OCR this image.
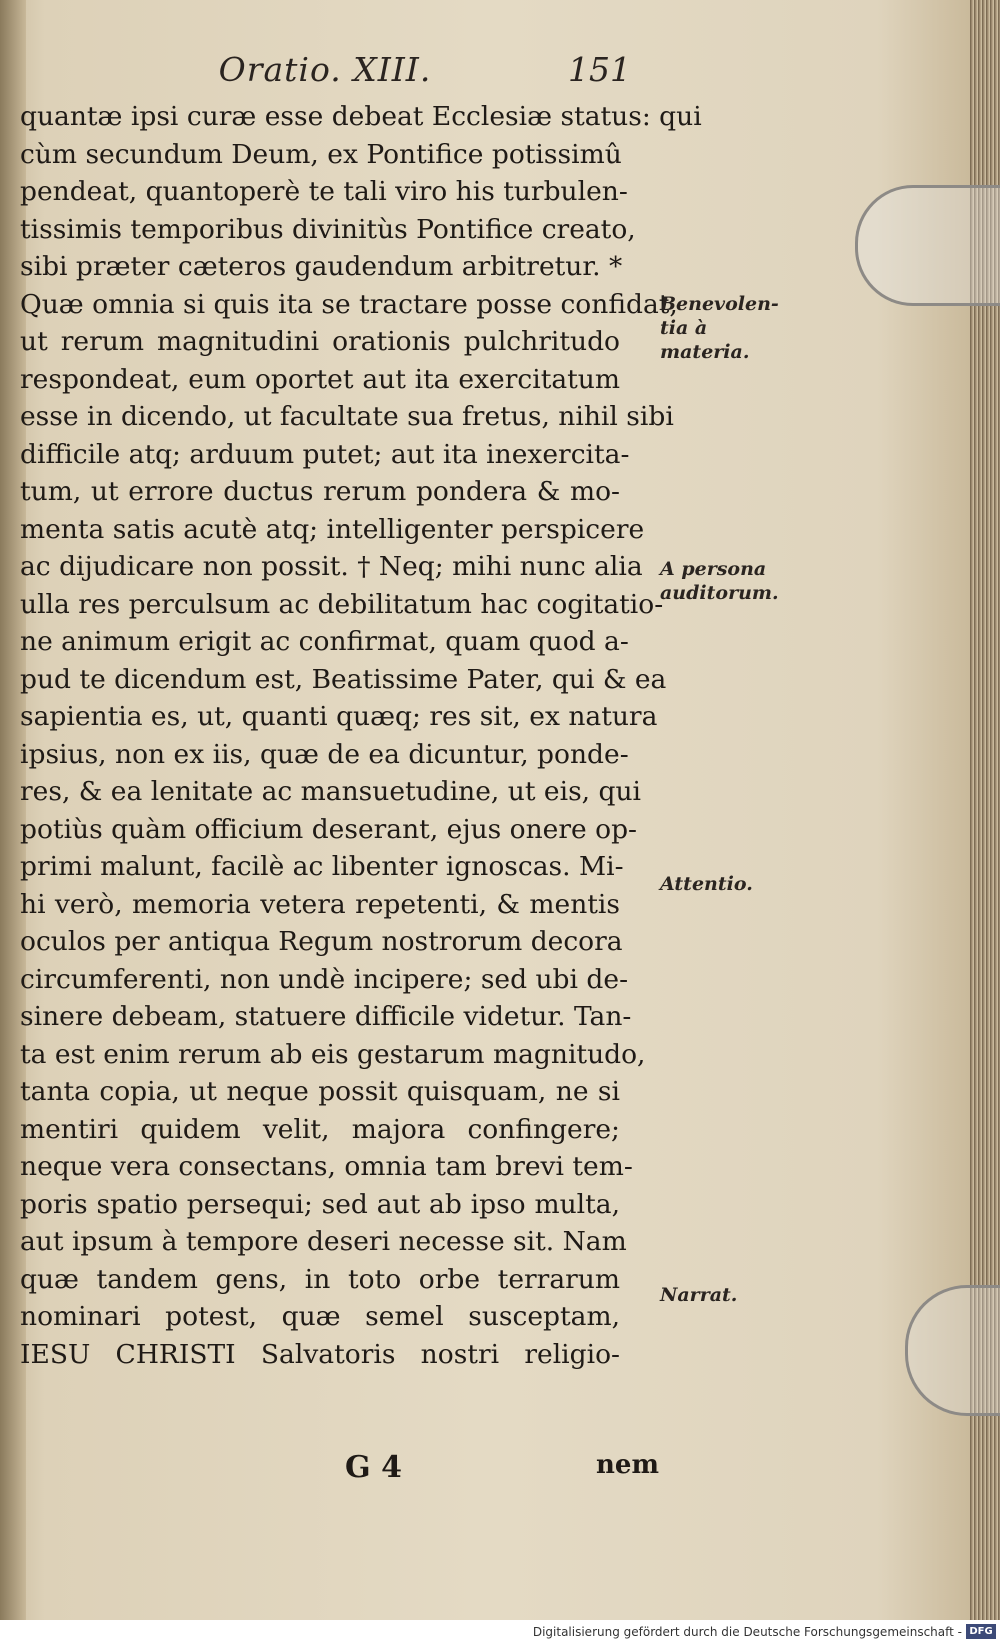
Oratio. XIII.	151
quantæ ipsi curæ esse debeat Ecclesiæ status: qui
cùm secundum Deum, ex Pontifice potissimû
pendeat, quantoperè te tali viro his turbulen-
tissimis temporibus divinitùs Pontifice creato,
sibi præter cæteros gaudendum arbitretur. *
Quæ omnia si quis ita se tractare posse confidat,
ut rerum magnitudini orationis pulchritudo
respondeat, eum oportet aut ita exercitatum
esse in dicendo, ut facultate sua fretus, nihil sibi
difficile atq; arduum putet; aut ita inexercita-
tum, ut errore ductus rerum pondera & mo-
menta satis acutè atq; intelligenter perspicere
ac dijudicare non possit. † Neq; mihi nunc alia
ulla res perculsum ac debilitatum hac cogitatio-
ne animum erigit ac confirmat, quam quod a-
pud te dicendum est, Beatissime Pater, qui & ea
sapientia es, ut, quanti quæq; res sit, ex natura
ipsius, non ex iis, quæ de ea dicuntur, ponde-
res, & ea lenitate ac mansuetudine, ut eis, qui
potiùs quàm officium deserant, ejus onere op-
primi malunt, facilè ac libenter ignoscas. Mi-
hi verò, memoria vetera repetenti, & mentis
oculos per antiqua Regum nostrorum decora
circumferenti, non undè incipere; sed ubi de-
sinere debeam, statuere difficile videtur. Tan-
ta est enim rerum ab eis gestarum magnitudo,
tanta copia, ut neque possit quisquam, ne si
mentiri quidem velit, majora confingere;
neque vera consectans, omnia tam brevi tem-
poris spatio persequi; sed aut ab ipso multa,
aut ipsum à tempore deseri necesse sit. Nam
quæ tandem gens, in toto orbe terrarum
nominari potest, quæ semel susceptam,
IESU CHRISTI Salvatoris nostri religio-
Benevolen-tia à materia.
A persona auditorum.
Attentio.
Narrat.
G 4	nem
Digitalisierung gefördert durch die Deutsche Forschungsgemeinschaft - DFG
